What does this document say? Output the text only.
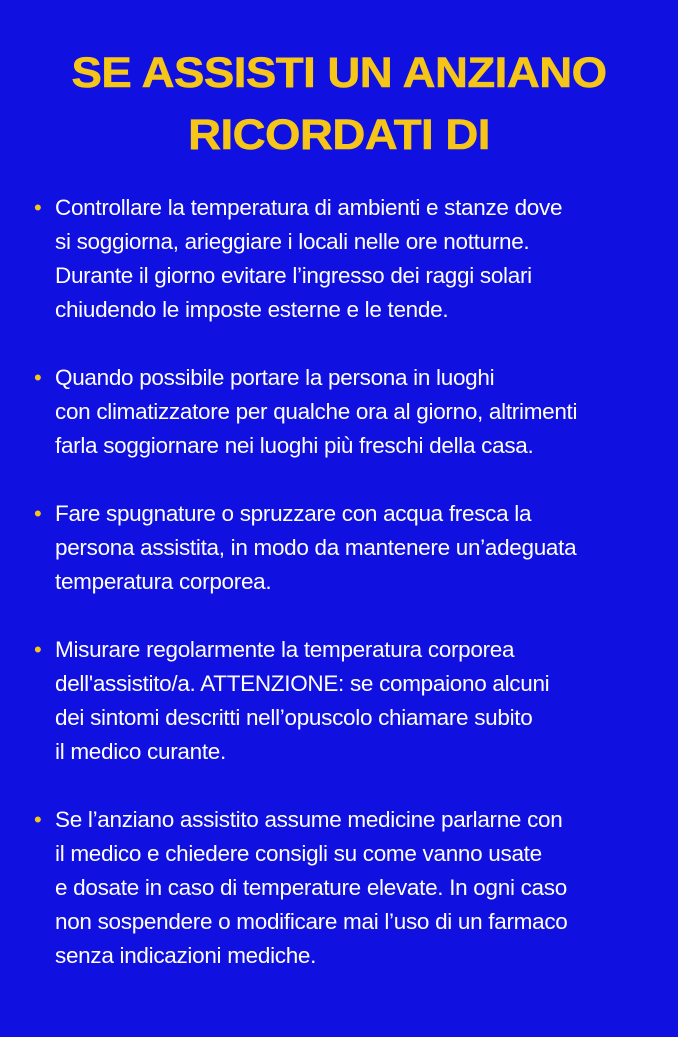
SE ASSISTI UN ANZIANO
RICORDATI DI
• Controllare la temperatura di ambienti e stanze dove
si soggiorna, arieggiare i locali nelle ore notturne.
Durante il giorno evitare l’ingresso dei raggi solari
chiudendo le imposte esterne e le tende.
• Quando possibile portare la persona in luoghi
con climatizzatore per qualche ora al giorno, altrimenti
farla soggiornare nei luoghi più freschi della casa.
• Fare spugnature o spruzzare con acqua fresca la
persona assistita, in modo da mantenere un’adeguata
temperatura corporea.
• Misurare regolarmente la temperatura corporea
dell'assistito/a. ATTENZIONE: se compaiono alcuni
dei sintomi descritti nell’opuscolo chiamare subito
il medico curante.
• Se l’anziano assistito assume medicine parlarne con
il medico e chiedere consigli su come vanno usate
e dosate in caso di temperature elevate. In ogni caso
non sospendere o modificare mai l’uso di un farmaco
senza indicazioni mediche.
